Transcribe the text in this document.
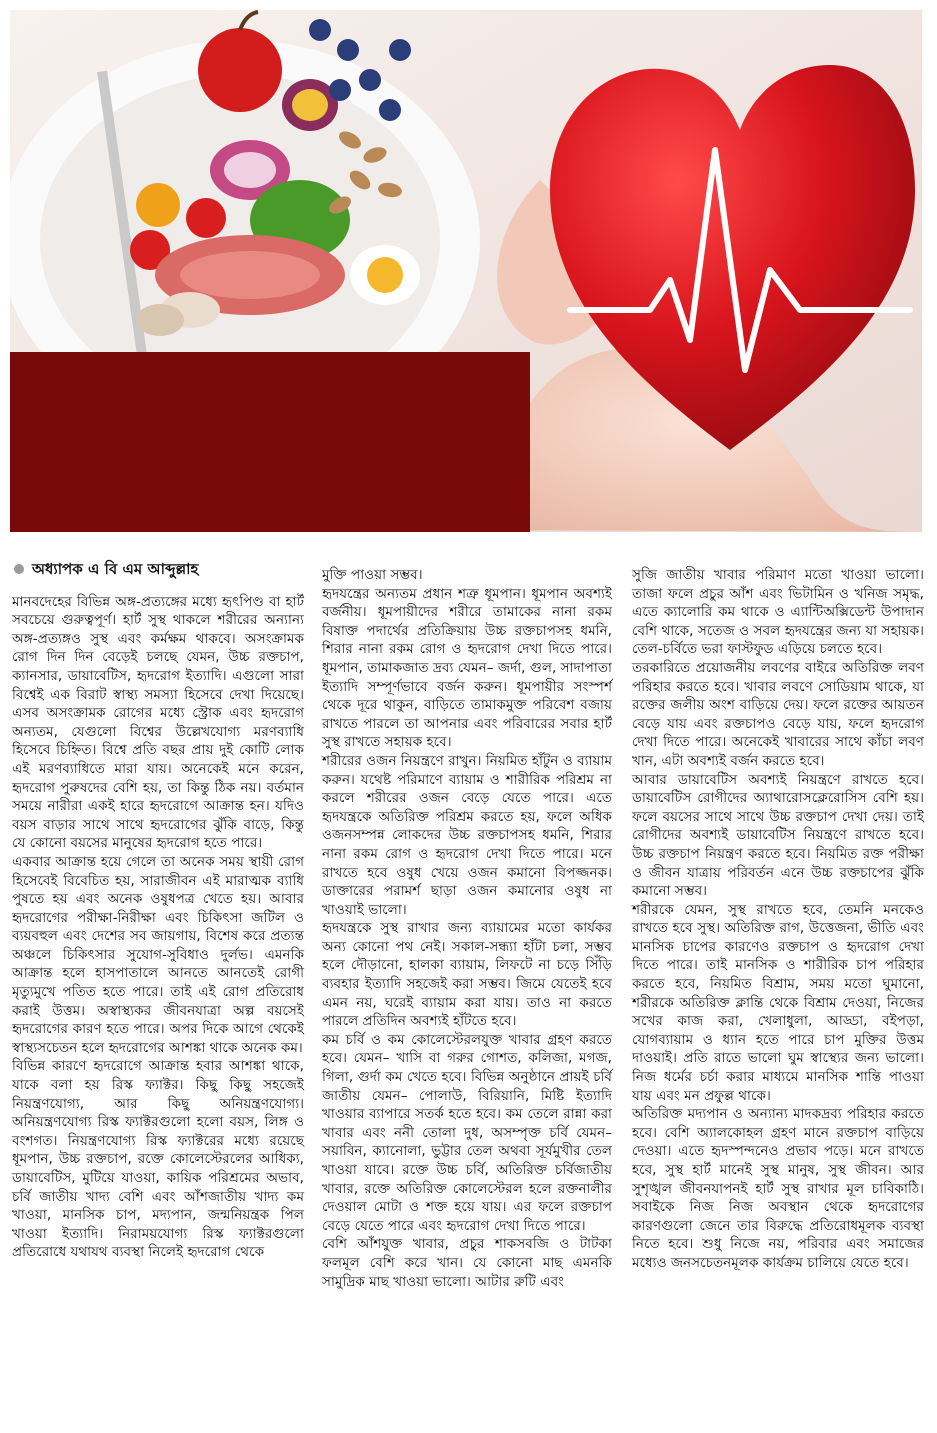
অধ্যাপক এ বি এম আব্দুল্লাহ

মানবদেহের বিভিন্ন অঙ্গ-প্রত্যঙ্গের মধ্যে হৃৎপিণ্ড বা হার্ট সবচেয়ে গুরুত্বপূর্ণ। হার্ট সুস্থ থাকলে শরীরের অন্যান্য অঙ্গ-প্রত্যঙ্গও সুস্থ এবং কর্মক্ষম থাকবে। অসংক্রামক রোগ দিন দিন বেড়েই চলছে যেমন, উচ্চ রক্তচাপ, ক্যানসার, ডায়াবেটিস, হৃদরোগ ইত্যাদি। এগুলো সারা বিশ্বেই এক বিরাট স্বাস্থ্য সমস্যা হিসেবে দেখা দিয়েছে। এসব অসংক্রামক রোগের মধ্যে স্ট্রোক এবং হৃদরোগ অন্যতম, যেগুলো বিশ্বের উল্লেখযোগ্য মরণব্যাধি হিসেবে চিহ্নিত। বিশ্বে প্রতি বছর প্রায় দুই কোটি লোক এই মরণব্যাধিতে মারা যায়। অনেকেই মনে করেন, হৃদরোগ পুরুষদের বেশি হয়, তা কিন্তু ঠিক নয়। বর্তমান সময়ে নারীরা একই হারে হৃদরোগে আক্রান্ত হন। যদিও বয়স বাড়ার সাথে সাথে হৃদরোগের ঝুঁকি বাড়ে, কিন্তু যে কোনো বয়সের মানুষের হৃদরোগ হতে পারে।

একবার আক্রান্ত হয়ে গেলে তা অনেক সময় স্থায়ী রোগ হিসেবেই বিবেচিত হয়, সারাজীবন এই মারাত্মক ব্যাধি পুষতে হয় এবং অনেক ওষুধপত্র খেতে হয়। আবার হৃদরোগের পরীক্ষা-নিরীক্ষা এবং চিকিৎসা জটিল ও ব্যয়বহুল এবং দেশের সব জায়গায়, বিশেষ করে প্রত্যন্ত অঞ্চলে চিকিৎসার সুযোগ-সুবিধাও দুর্লভ। এমনকি আক্রান্ত হলে হাসপাতালে আনতে আনতেই রোগী মৃত্যুমুখে পতিত হতে পারে। তাই এই রোগ প্রতিরোধ করাই উত্তম। অস্বাস্থ্যকর জীবনযাত্রা অল্প বয়সেই হৃদরোগের কারণ হতে পারে। অপর দিকে আগে থেকেই স্বাস্থ্যসচেতন হলে হৃদরোগের আশঙ্কা থাকে অনেক কম।

বিভিন্ন কারণে হৃদরোগে আক্রান্ত হবার আশঙ্কা থাকে, যাকে বলা হয় রিস্ক ফ্যাক্টর। কিছু কিছু সহজেই নিয়ন্ত্রণযোগ্য, আর কিছু অনিয়ন্ত্রণযোগ্য। অনিয়ন্ত্রণযোগ্য রিস্ক ফ্যাক্টরগুলো হলো বয়স, লিঙ্গ ও বংশগত। নিয়ন্ত্রণযোগ্য রিস্ক ফ্যাক্টরের মধ্যে রয়েছে ধূমপান, উচ্চ রক্তচাপ, রক্তে কোলেস্টেরলের আধিক্য, ডায়াবেটিস, মুটিয়ে যাওয়া, কায়িক পরিশ্রমের অভাব, চর্বি জাতীয় খাদ্য বেশি এবং আঁশজাতীয় খাদ্য কম খাওয়া, মানসিক চাপ, মদ্যপান, জন্মনিয়ন্ত্রক পিল খাওয়া ইত্যাদি। নিরাময়যোগ্য রিস্ক ফ্যাক্টরগুলো প্রতিরোধে যথাযথ ব্যবস্থা নিলেই হৃদরোগ থেকে

মুক্তি পাওয়া সম্ভব।

হৃদযন্ত্রের অন্যতম প্রধান শত্রু ধূমপান। ধূমপান অবশ্যই বর্জনীয়। ধূমপায়ীদের শরীরে তামাকের নানা রকম বিষাক্ত পদার্থের প্রতিক্রিয়ায় উচ্চ রক্তচাপসহ ধমনি, শিরার নানা রকম রোগ ও হৃদরোগ দেখা দিতে পারে। ধূমপান, তামাকজাত দ্রব্য যেমন– জর্দা, গুল, সাদাপাতা ইত্যাদি সম্পূর্ণভাবে বর্জন করুন। ধূমপায়ীর সংস্পর্শ থেকে দূরে থাকুন, বাড়িতে তামাকমুক্ত পরিবেশ বজায় রাখতে পারলে তা আপনার এবং পরিবারের সবার হার্ট সুস্থ রাখতে সহায়ক হবে।

শরীরের ওজন নিয়ন্ত্রণে রাখুন। নিয়মিত হাঁটুন ও ব্যায়াম করুন। যথেষ্ট পরিমাণে ব্যায়াম ও শারীরিক পরিশ্রম না করলে শরীরের ওজন বেড়ে যেতে পারে। এতে হৃদযন্ত্রকে অতিরিক্ত পরিশ্রম করতে হয়, ফলে অধিক ওজনসম্পন্ন লোকদের উচ্চ রক্তচাপসহ ধমনি, শিরার নানা রকম রোগ ও হৃদরোগ দেখা দিতে পারে। মনে রাখতে হবে ওষুধ খেয়ে ওজন কমানো বিপজ্জনক। ডাক্তারের পরামর্শ ছাড়া ওজন কমানোর ওষুধ না খাওয়াই ভালো।

হৃদযন্ত্রকে সুস্থ রাখার জন্য ব্যায়ামের মতো কার্যকর অন্য কোনো পথ নেই। সকাল-সন্ধ্যা হাঁটা চলা, সম্ভব হলে দৌড়ানো, হালকা ব্যায়াম, লিফটে না চড়ে সিঁড়ি ব্যবহার ইত্যাদি সহজেই করা সম্ভব। জিমে যেতেই হবে এমন নয়, ঘরেই ব্যায়াম করা যায়। তাও না করতে পারলে প্রতিদিন অবশ্যই হাঁটতে হবে।

কম চর্বি ও কম কোলেস্টেরলযুক্ত খাবার গ্রহণ করতে হবে। যেমন– খাসি বা গরুর গোশত, কলিজা, মগজ, গিলা, গুর্দা কম খেতে হবে। বিভিন্ন অনুষ্ঠানে প্রায়ই চর্বি জাতীয় যেমন– পোলাউ, বিরিয়ানি, মিষ্টি ইত্যাদি খাওয়ার ব্যাপারে সতর্ক হতে হবে। কম তেলে রান্না করা খাবার এবং ননী তোলা দুধ, অসম্পৃক্ত চর্বি যেমন– সয়াবিন, ক্যানোলা, ভুট্টার তেল অথবা সূর্যমুখীর তেল খাওয়া যাবে। রক্তে উচ্চ চর্বি, অতিরিক্ত চর্বিজাতীয় খাবার, রক্তে অতিরিক্ত কোলেস্টেরল হলে রক্তনালীর দেওয়াল মোটা ও শক্ত হয়ে যায়। এর ফলে রক্তচাপ বেড়ে যেতে পারে এবং হৃদরোগ দেখা দিতে পারে।

বেশি আঁশযুক্ত খাবার, প্রচুর শাকসবজি ও টাটকা ফলমূল বেশি করে খান। যে কোনো মাছ এমনকি সামুদ্রিক মাছ খাওয়া ভালো। আটার রুটি এবং

সুজি জাতীয় খাবার পরিমাণ মতো খাওয়া ভালো। তাজা ফলে প্রচুর আঁশ এবং ভিটামিন ও খনিজ সমৃদ্ধ, এতে ক্যালোরি কম থাকে ও এ্যান্টিঅক্সিডেন্ট উপাদান বেশি থাকে, সতেজ ও সবল হৃদযন্ত্রের জন্য যা সহায়ক। তেল-চর্বিতে ভরা ফাস্টফুড এড়িয়ে চলতে হবে।

তরকারিতে প্রয়োজনীয় লবণের বাইরে অতিরিক্ত লবণ পরিহার করতে হবে। খাবার লবণে সোডিয়াম থাকে, যা রক্তের জলীয় অংশ বাড়িয়ে দেয়। ফলে রক্তের আয়তন বেড়ে যায় এবং রক্তচাপও বেড়ে যায়, ফলে হৃদরোগ দেখা দিতে পারে। অনেকেই খাবারের সাথে কাঁচা লবণ খান, এটা অবশ্যই বর্জন করতে হবে।

আবার ডায়াবেটিস অবশ্যই নিয়ন্ত্রণে রাখতে হবে। ডায়াবেটিস রোগীদের অ্যাথারোসক্লেরোসিস বেশি হয়। ফলে বয়সের সাথে সাথে উচ্চ রক্তচাপ দেখা দেয়। তাই রোগীদের অবশ্যই ডায়াবেটিস নিয়ন্ত্রণে রাখতে হবে। উচ্চ রক্তচাপ নিয়ন্ত্রণ করতে হবে। নিয়মিত রক্ত পরীক্ষা ও জীবন যাত্রায় পরিবর্তন এনে উচ্চ রক্তচাপের ঝুঁকি কমানো সম্ভব।

শরীরকে যেমন, সুস্থ রাখতে হবে, তেমনি মনকেও রাখতে হবে সুস্থ। অতিরিক্ত রাগ, উত্তেজনা, ভীতি এবং মানসিক চাপের কারণেও রক্তচাপ ও হৃদরোগ দেখা দিতে পারে। তাই মানসিক ও শারীরিক চাপ পরিহার করতে হবে, নিয়মিত বিশ্রাম, সময় মতো ঘুমানো, শরীরকে অতিরিক্ত ক্লান্তি থেকে বিশ্রাম দেওয়া, নিজের সখের কাজ করা, খেলাধুলা, আড্ডা, বইপড়া, যোগব্যায়াম ও ধ্যান হতে পারে চাপ মুক্তির উত্তম দাওয়াই। প্রতি রাতে ভালো ঘুম স্বাস্থ্যের জন্য ভালো। নিজ ধর্মের চর্চা করার মাধ্যমে মানসিক শান্তি পাওয়া যায় এবং মন প্রফুল্ল থাকে।

অতিরিক্ত মদ্যপান ও অন্যান্য মাদকদ্রব্য পরিহার করতে হবে। বেশি অ্যালকোহল গ্রহণ মানে রক্তচাপ বাড়িয়ে দেওয়া। এতে হৃদস্পন্দনেও প্রভাব পড়ে। মনে রাখতে হবে, সুস্থ হার্ট মানেই সুস্থ মানুষ, সুস্থ জীবন। আর সুশৃঙ্খল জীবনযাপনই হার্ট সুস্থ রাখার মূল চাবিকাঠি। সবাইকে নিজ নিজ অবস্থান থেকে হৃদরোগের কারণগুলো জেনে তার বিরুদ্ধে প্রতিরোধমূলক ব্যবস্থা নিতে হবে। শুধু নিজে নয়, পরিবার এবং সমাজের মধ্যেও জনসচেতনমূলক কার্যক্রম চালিয়ে যেতে হবে।
